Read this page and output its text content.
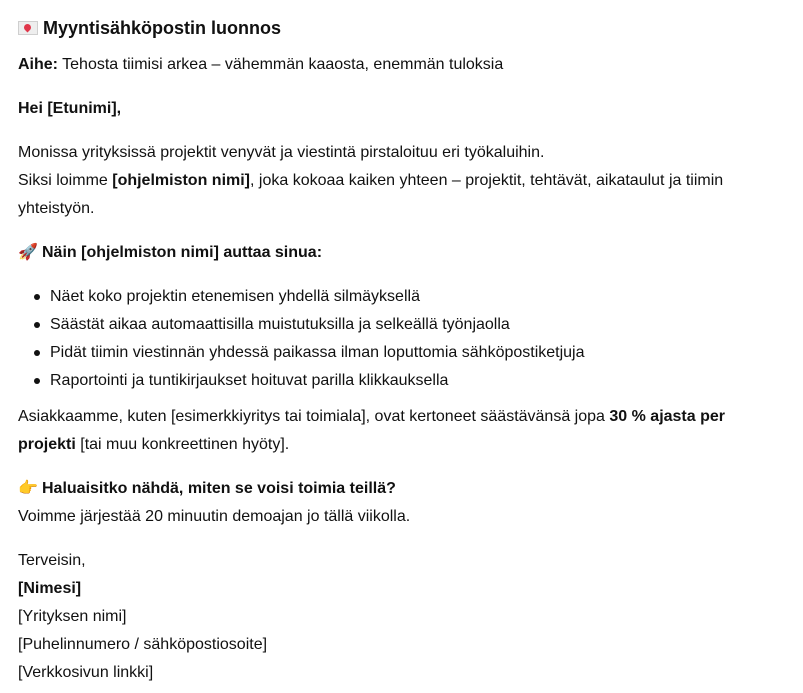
Myyntisähköpostin luonnos
Aihe: Tehosta tiimisi arkea – vähemmän kaaosta, enemmän tuloksia
Hei [Etunimi],
Monissa yrityksissä projektit venyvät ja viestintä pirstaloituu eri työkaluihin.
Siksi loimme [ohjelmiston nimi], joka kokoaa kaiken yhteen – projektit, tehtävät, aikataulut ja tiimin
yhteistyön.
🚀 Näin [ohjelmiston nimi] auttaa sinua:
Näet koko projektin etenemisen yhdellä silmäyksellä
Säästät aikaa automaattisilla muistutuksilla ja selkeällä työnjaolla
Pidät tiimin viestinnän yhdessä paikassa ilman loputtomia sähköpostiketjuja
Raportointi ja tuntikirjaukset hoituvat parilla klikkauksella
Asiakkaamme, kuten [esimerkkiyritys tai toimiala], ovat kertoneet säästävänsä jopa 30 % ajasta per
projekti [tai muu konkreettinen hyöty].
👉 Haluaisitko nähdä, miten se voisi toimia teillä?
Voimme järjestää 20 minuutin demoajan jo tällä viikolla.
Terveisin,
[Nimesi]
[Yrityksen nimi]
[Puhelinnumero / sähköpostiosoite]
[Verkkosivun linkki]
